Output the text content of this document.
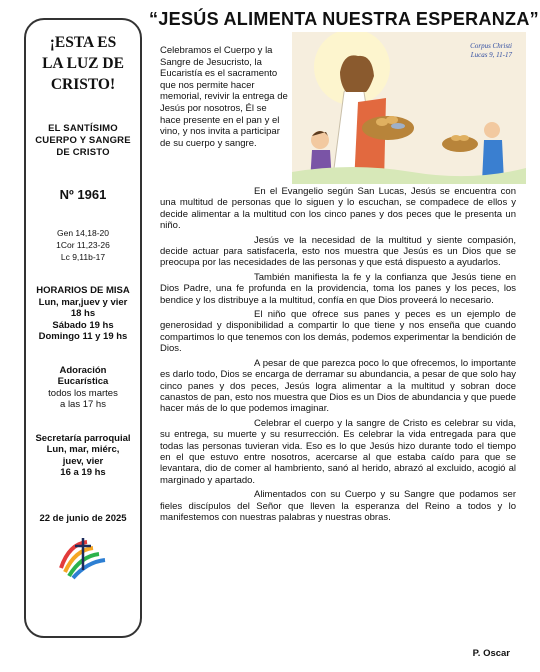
¡ESTA ES
LA LUZ DE
CRISTO!
EL SANTÍSIMO
CUERPO Y SANGRE
DE CRISTO
Nº 1961
Gen 14,18-20
1Cor 11,23-26
Lc 9,11b-17
HORARIOS DE MISA
Lun, mar,juev y vier
18 hs
Sábado 19 hs
Domingo 11 y 19 hs
Adoración
Eucarística
todos los martes
a las 17 hs
Secretaría parroquial
Lun, mar, miérc,
juev, vier
16 a 19 hs
22 de junio de 2025
“JESÚS ALIMENTA NUESTRA ESPERANZA”
Corpus Christi
Lucas 9, 11-17
Celebramos el Cuerpo y la Sangre de Jesucristo, la Eucaristía es el sacramento que nos permite hacer memorial, revivir la entrega de Jesús por nosotros, Él se hace presente en el pan y el vino, y nos invita a participar de su cuerpo y sangre.

En el Evangelio según San Lucas, Jesús se encuentra con una multitud de personas que lo siguen y lo escuchan, se compadece de ellos y decide alimentar a la multitud con los cinco panes y dos peces que le presenta un niño.

Jesús ve la necesidad de la multitud y siente compasión, decide actuar para satisfacerla, esto nos muestra que Jesús es un Dios que se preocupa por las necesidades de las personas y que está dispuesto a ayudarlos.

También manifiesta la fe y la confianza que Jesús tiene en Dios Padre, una fe profunda en la providencia, toma los panes y los peces, los bendice y los distribuye a la multitud, confía en que Dios proveerá lo necesario.

El niño que ofrece sus panes y peces es un ejemplo de generosidad y disponibilidad a compartir lo que tiene y nos enseña que cuando compartimos lo que tenemos con los demás, podemos experimentar la bendición de Dios.

A pesar de que parezca poco lo que ofrecemos, lo importante es darlo todo, Dios se encarga de derramar su abundancia, a pesar de que solo hay cinco panes y dos peces, Jesús logra alimentar a la multitud y sobran doce canastos de pan, esto nos muestra que Dios es un Dios de abundancia y que puede hacer más de lo que podemos imaginar.

Celebrar el cuerpo y la sangre de Cristo es celebrar su vida, su entrega, su muerte y su resurrección. Es celebrar la vida entregada para que todas las personas tuvieran vida. Eso es lo que Jesús hizo durante todo el tiempo en el que estuvo entre nosotros, acercarse al que estaba caído para que se levantara, dio de comer al hambriento, sanó al herido, abrazó al excluido, acogió al marginado y apartado.

Alimentados con su Cuerpo y su Sangre que podamos ser fieles discípulos del Señor que lleven la esperanza del Reino a todos y lo manifestemos con nuestras palabras y nuestras obras.

P. Oscar
